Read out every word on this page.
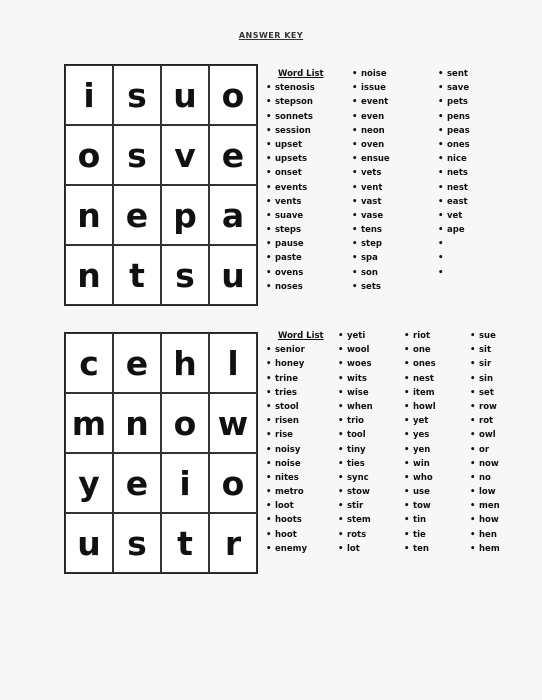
ANSWER KEY
i s u o
o s v e
n e p a
n t s u
Word List
• stenosis
• stepson
• sonnets
• session
• upset
• upsets
• onset
• events
• vents
• suave
• steps
• pause
• paste
• ovens
• noses
• noise
• issue
• event
• even
• neon
• oven
• ensue
• vets
• vent
• vast
• vase
• tens
• step
• spa
• son
• sets
• sent
• save
• pets
• pens
• peas
• ones
• nice
• nets
• nest
• east
• vet
• ape
•
•
•
c e h l
m n o w
y e i o
u s t r
Word List
• senior
• honey
• trine
• tries
• stool
• risen
• rise
• noisy
• noise
• nites
• metro
• loot
• hoots
• hoot
• enemy
• yeti
• wool
• woes
• wits
• wise
• when
• trio
• tool
• tiny
• ties
• sync
• stow
• stir
• stem
• rots
• lot
• riot
• one
• ones
• nest
• item
• howl
• yet
• yes
• yen
• win
• who
• use
• tow
• tin
• tie
• ten
• sue
• sit
• sir
• sin
• set
• row
• rot
• owl
• or
• now
• no
• low
• men
• how
• hen
• hem
